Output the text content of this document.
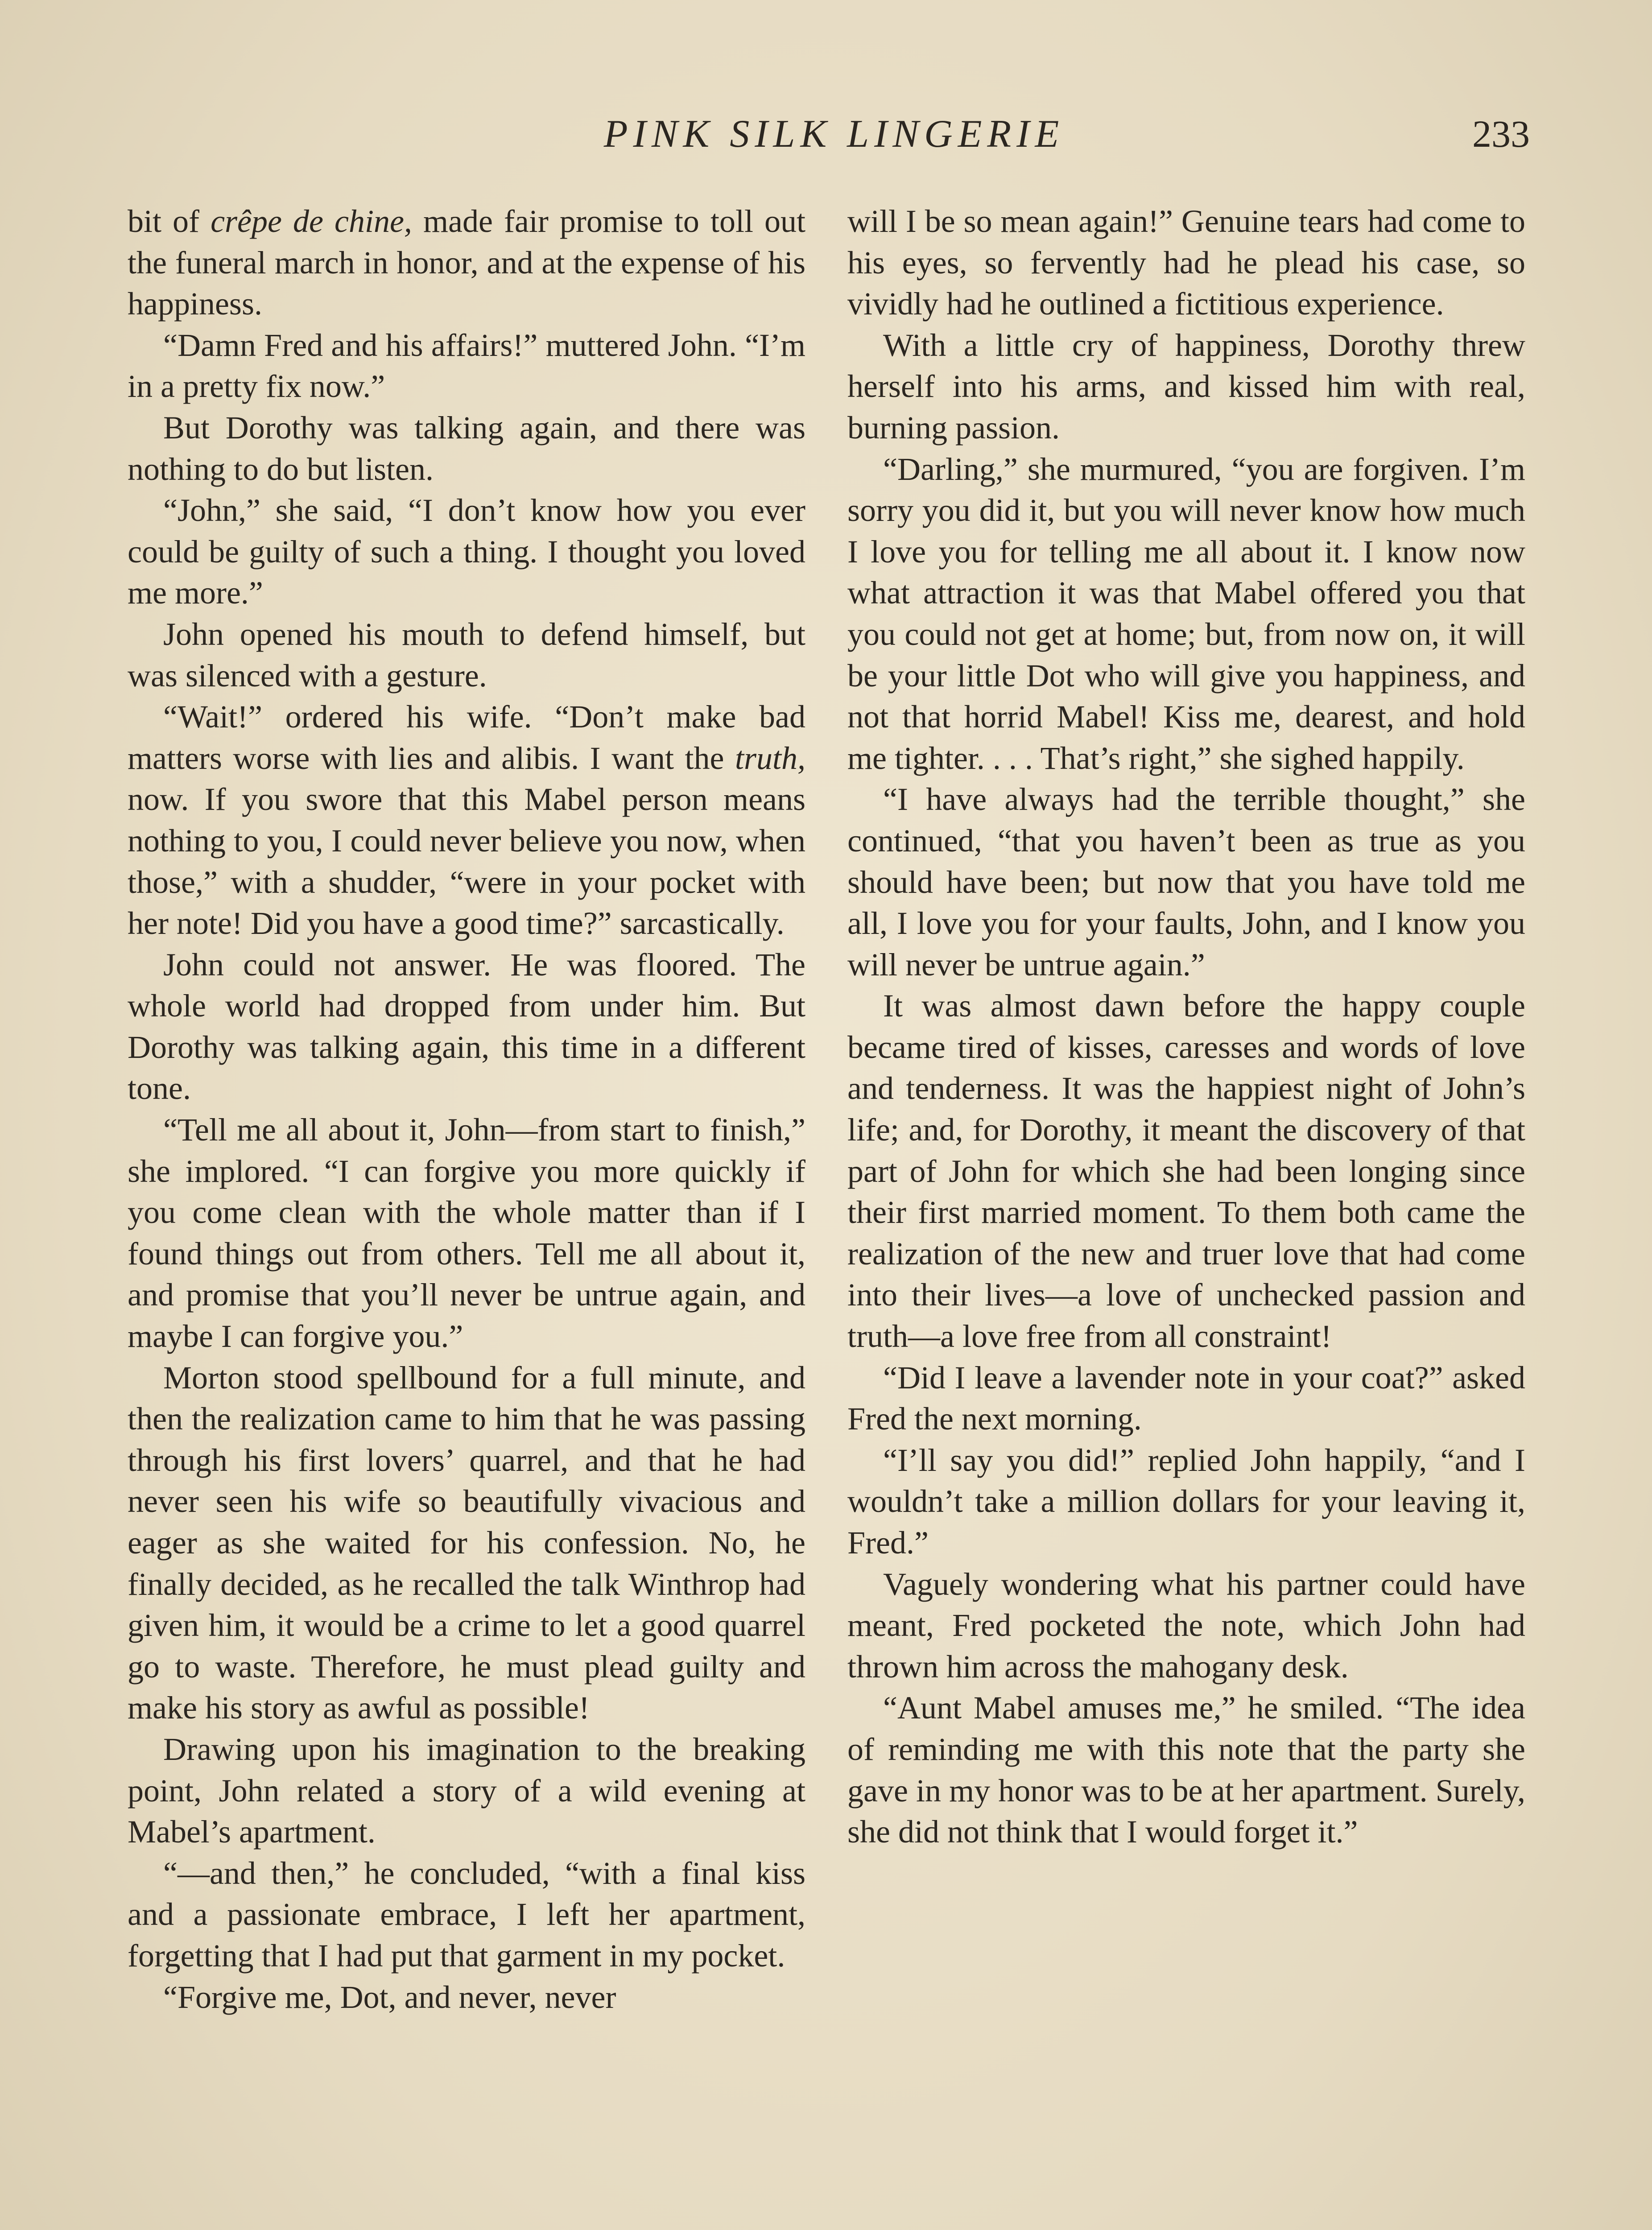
PINK SILK LINGERIE	233

bit of crêpe de chine, made fair promise to toll out the funeral march in honor, and at the expense of his happiness.

“Damn Fred and his affairs!” muttered John. “I’m in a pretty fix now.”

But Dorothy was talking again, and there was nothing to do but listen.

“John,” she said, “I don’t know how you ever could be guilty of such a thing. I thought you loved me more.”

John opened his mouth to defend himself, but was silenced with a gesture.

“Wait!” ordered his wife. “Don’t make bad matters worse with lies and alibis. I want the truth, now. If you swore that this Mabel person means nothing to you, I could never believe you now, when those,” with a shudder, “were in your pocket with her note! Did you have a good time?” sarcastically.

John could not answer. He was floored. The whole world had dropped from under him. But Dorothy was talking again, this time in a different tone.

“Tell me all about it, John—from start to finish,” she implored. “I can forgive you more quickly if you come clean with the whole matter than if I found things out from others. Tell me all about it, and promise that you’ll never be untrue again, and maybe I can forgive you.”

Morton stood spellbound for a full minute, and then the realization came to him that he was passing through his first lovers’ quarrel, and that he had never seen his wife so beautifully vivacious and eager as she waited for his confession. No, he finally decided, as he recalled the talk Winthrop had given him, it would be a crime to let a good quarrel go to waste. Therefore, he must plead guilty and make his story as awful as possible!

Drawing upon his imagination to the breaking point, John related a story of a wild evening at Mabel’s apartment.

“—and then,” he concluded, “with a final kiss and a passionate embrace, I left her apartment, forgetting that I had put that garment in my pocket.

“Forgive me, Dot, and never, never

will I be so mean again!” Genuine tears had come to his eyes, so fervently had he plead his case, so vividly had he outlined a fictitious experience.

With a little cry of happiness, Dorothy threw herself into his arms, and kissed him with real, burning passion.

“Darling,” she murmured, “you are forgiven. I’m sorry you did it, but you will never know how much I love you for telling me all about it. I know now what attraction it was that Mabel offered you that you could not get at home; but, from now on, it will be your little Dot who will give you happiness, and not that horrid Mabel! Kiss me, dearest, and hold me tighter. . . . That’s right,” she sighed happily.

“I have always had the terrible thought,” she continued, “that you haven’t been as true as you should have been; but now that you have told me all, I love you for your faults, John, and I know you will never be untrue again.”

It was almost dawn before the happy couple became tired of kisses, caresses and words of love and tenderness. It was the happiest night of John’s life; and, for Dorothy, it meant the discovery of that part of John for which she had been longing since their first married moment. To them both came the realization of the new and truer love that had come into their lives—a love of unchecked passion and truth—a love free from all constraint!

“Did I leave a lavender note in your coat?” asked Fred the next morning.

“I’ll say you did!” replied John happily, “and I wouldn’t take a million dollars for your leaving it, Fred.”

Vaguely wondering what his partner could have meant, Fred pocketed the note, which John had thrown him across the mahogany desk.

“Aunt Mabel amuses me,” he smiled. “The idea of reminding me with this note that the party she gave in my honor was to be at her apartment. Surely, she did not think that I would forget it.”
